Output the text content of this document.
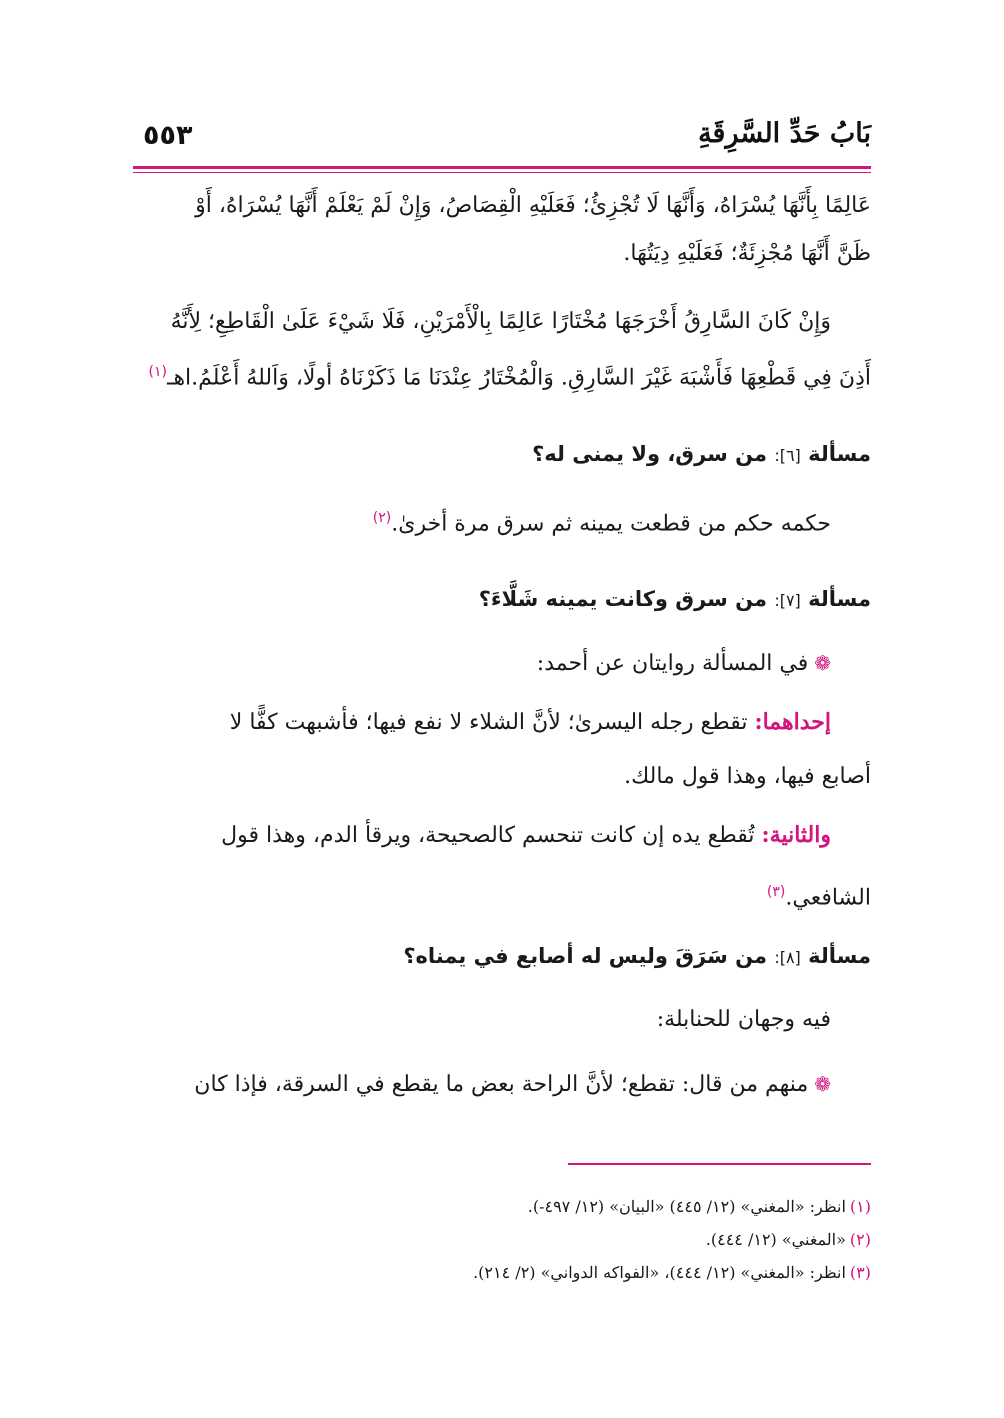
بَابُ حَدِّ السَّرِقَةِ
٥٥٣
عَالِمًا بِأَنَّهَا يُسْرَاهُ، وَأَنَّهَا لَا تُجْزِئُ؛ فَعَلَيْهِ الْقِصَاصُ، وَإِنْ لَمْ يَعْلَمْ أَنَّهَا يُسْرَاهُ، أَوْ
ظَنَّ أَنَّهَا مُجْزِئَةٌ؛ فَعَلَيْهِ دِيَتُهَا.
وَإِنْ كَانَ السَّارِقُ أَخْرَجَهَا مُخْتَارًا عَالِمًا بِالْأَمْرَيْنِ، فَلَا شَيْءَ عَلَىٰ الْقَاطِعِ؛ لِأَنَّهُ
أَذِنَ فِي قَطْعِهَا فَأَشْبَهَ غَيْرَ السَّارِقِ. وَالْمُخْتَارُ عِنْدَنَا مَا ذَكَرْنَاهُ أولًا، وَاَللهُ أَعْلَمُ.اهـ$^{(١)}$
مسألة [٦]: من سرق، ولا يمنى له؟
حكمه حكم من قطعت يمينه ثم سرق مرة أخرىٰ.$^{(٢)}$
مسألة [٧]: من سرق وكانت يمينه شَلَّاءَ؟
❁في المسألة روايتان عن أحمد:
إحداهما: تقطع رجله اليسرىٰ؛ لأنَّ الشلاء لا نفع فيها؛ فأشبهت كفًّا لا
أصابع فيها، وهذا قول مالك.
والثانية: تُقطع يده إن كانت تنحسم كالصحيحة، ويرقأ الدم، وهذا قول
الشافعي.$^{(٣)}$
مسألة [٨]: من سَرَقَ وليس له أصابع في يمناه؟
فيه وجهان للحنابلة:
❁منهم من قال: تقطع؛ لأنَّ الراحة بعض ما يقطع في السرقة، فإذا كان
(١)انظر: «المغني» (١٢/ ٤٤٥) «البيان» (١٢/ ٤٩٧-).
(٢)«المغني» (١٢/ ٤٤٤).
(٣)انظر: «المغني» (١٢/ ٤٤٤)، «الفواكه الدواني» (٢/ ٢١٤).
